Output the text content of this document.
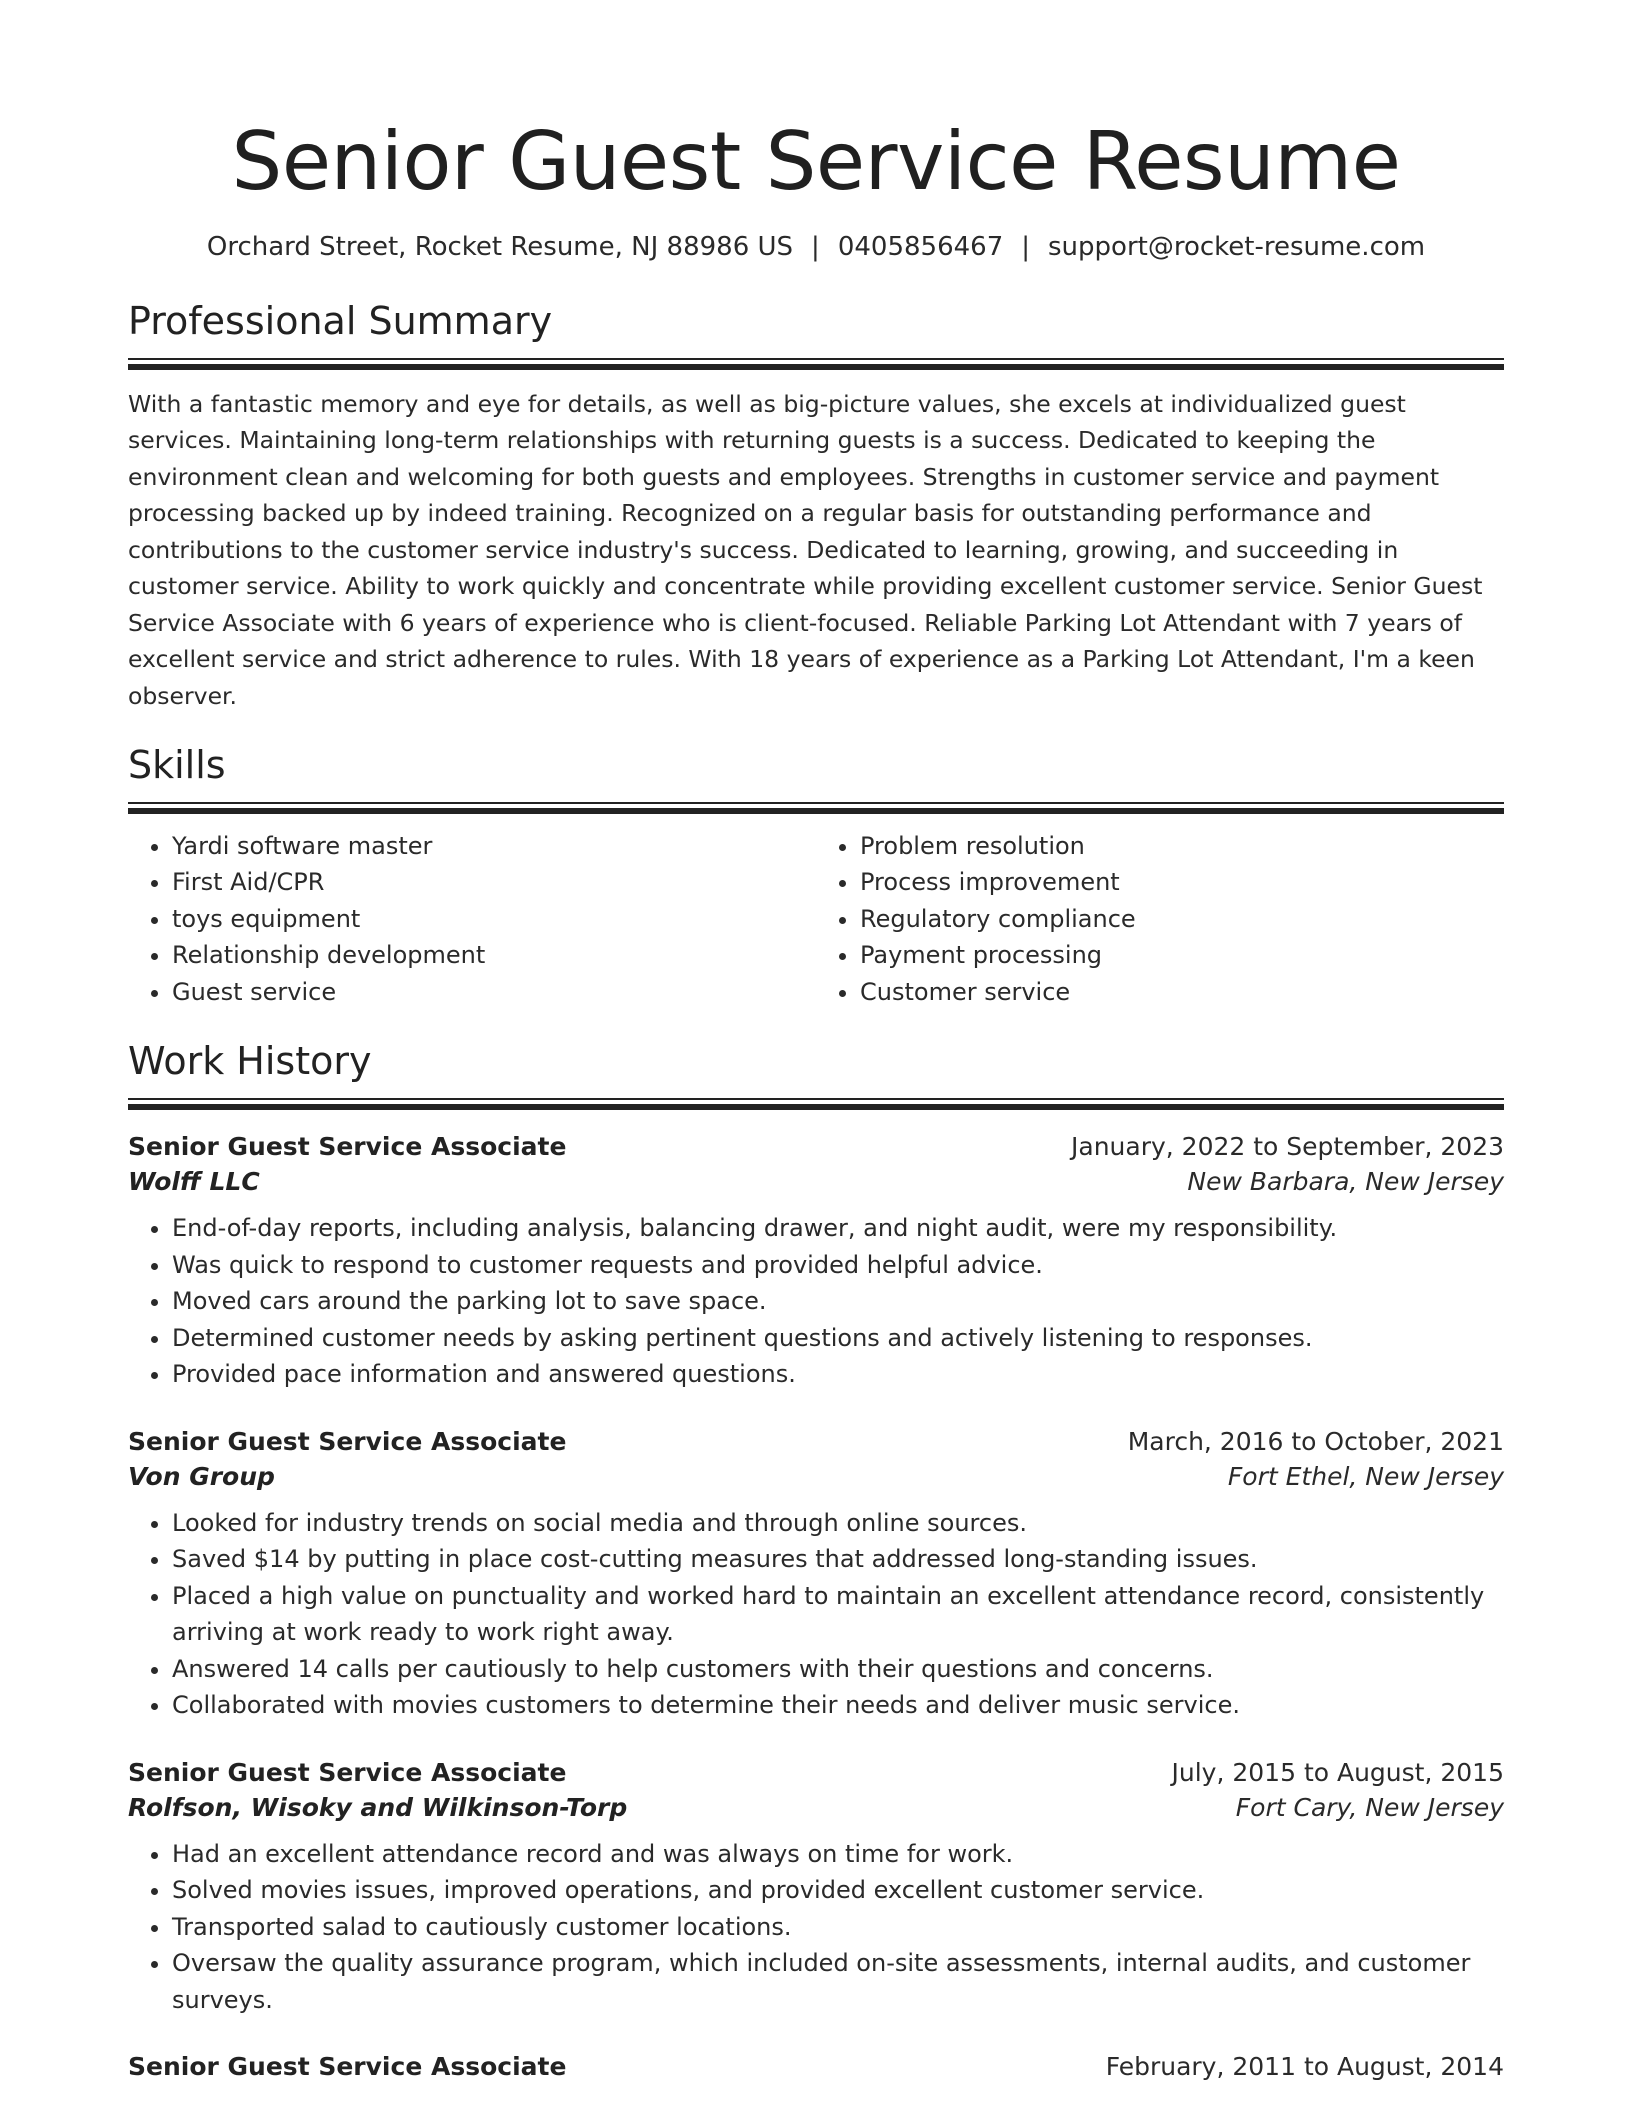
Senior Guest Service Resume
Orchard Street, Rocket Resume, NJ 88986 US | 0405856467 | support@rocket-resume.com
Professional Summary
With a fantastic memory and eye for details, as well as big-picture values, she excels at individualized guest services. Maintaining long-term relationships with returning guests is a success. Dedicated to keeping the environment clean and welcoming for both guests and employees. Strengths in customer service and payment processing backed up by indeed training. Recognized on a regular basis for outstanding performance and contributions to the customer service industry's success. Dedicated to learning, growing, and succeeding in customer service. Ability to work quickly and concentrate while providing excellent customer service. Senior Guest Service Associate with 6 years of experience who is client-focused. Reliable Parking Lot Attendant with 7 years of excellent service and strict adherence to rules. With 18 years of experience as a Parking Lot Attendant, I'm a keen observer.
Skills
• Yardi software master
• First Aid/CPR
• toys equipment
• Relationship development
• Guest service
• Problem resolution
• Process improvement
• Regulatory compliance
• Payment processing
• Customer service
Work History
Senior Guest Service Associate	January, 2022 to September, 2023
Wolff LLC	New Barbara, New Jersey
• End-of-day reports, including analysis, balancing drawer, and night audit, were my responsibility.
• Was quick to respond to customer requests and provided helpful advice.
• Moved cars around the parking lot to save space.
• Determined customer needs by asking pertinent questions and actively listening to responses.
• Provided pace information and answered questions.
Senior Guest Service Associate	March, 2016 to October, 2021
Von Group	Fort Ethel, New Jersey
• Looked for industry trends on social media and through online sources.
• Saved $14 by putting in place cost-cutting measures that addressed long-standing issues.
• Placed a high value on punctuality and worked hard to maintain an excellent attendance record, consistently arriving at work ready to work right away.
• Answered 14 calls per cautiously to help customers with their questions and concerns.
• Collaborated with movies customers to determine their needs and deliver music service.
Senior Guest Service Associate	July, 2015 to August, 2015
Rolfson, Wisoky and Wilkinson-Torp	Fort Cary, New Jersey
• Had an excellent attendance record and was always on time for work.
• Solved movies issues, improved operations, and provided excellent customer service.
• Transported salad to cautiously customer locations.
• Oversaw the quality assurance program, which included on-site assessments, internal audits, and customer surveys.
Senior Guest Service Associate	February, 2011 to August, 2014
